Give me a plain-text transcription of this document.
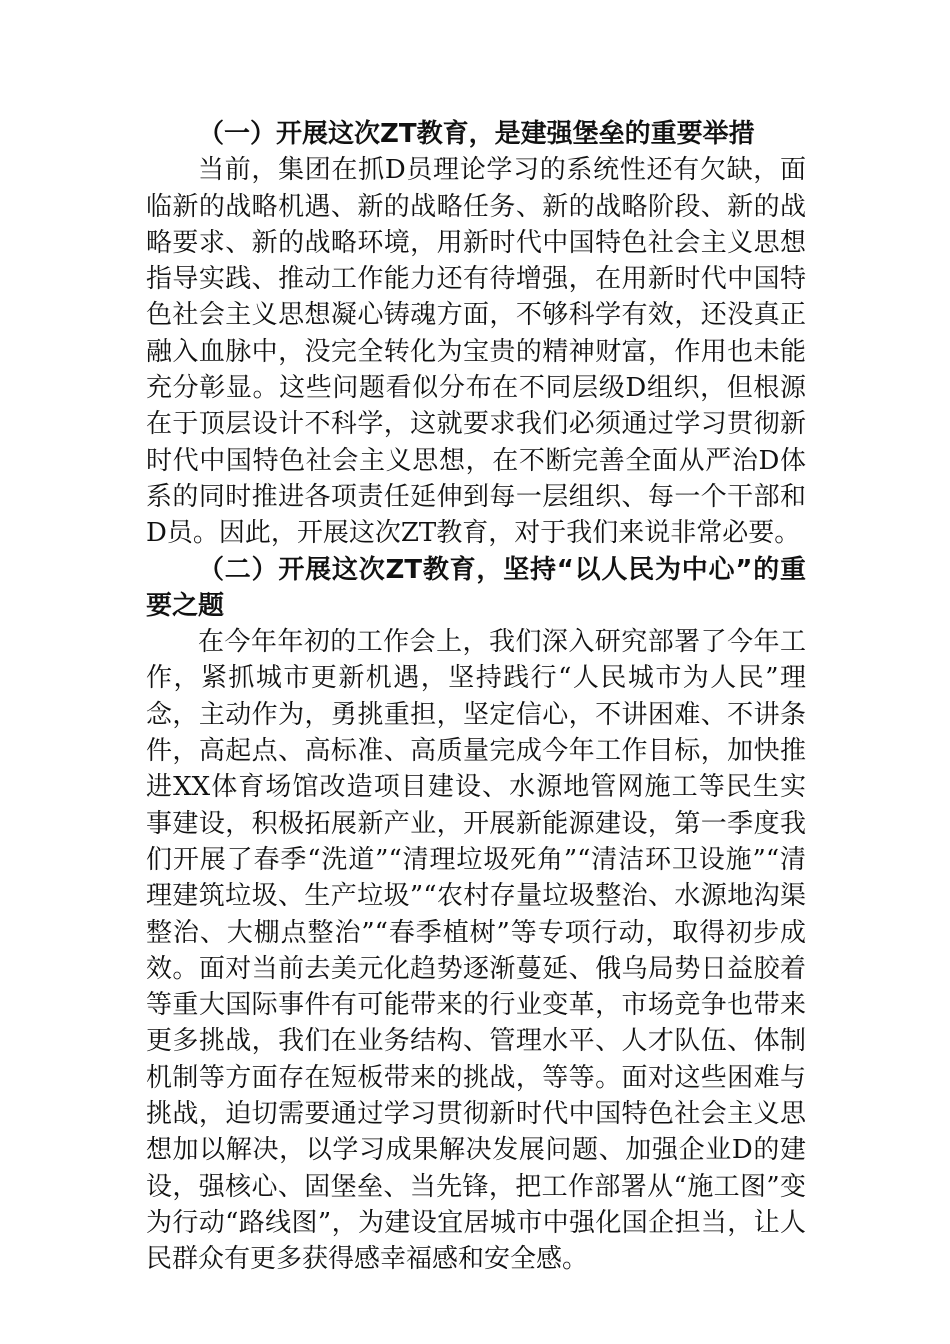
（一）开展这次ZT教育，是建强堡垒的重要举措

当前，集团在抓D员理论学习的系统性还有欠缺，面临新的战略机遇、新的战略任务、新的战略阶段、新的战略要求、新的战略环境，用新时代中国特色社会主义思想指导实践、推动工作能力还有待增强，在用新时代中国特色社会主义思想凝心铸魂方面，不够科学有效，还没真正融入血脉中，没完全转化为宝贵的精神财富，作用也未能充分彰显。这些问题看似分布在不同层级D组织，但根源在于顶层设计不科学，这就要求我们必须通过学习贯彻新时代中国特色社会主义思想，在不断完善全面从严治D体系的同时推进各项责任延伸到每一层组织、每一个干部和D员。因此，开展这次ZT教育，对于我们来说非常必要。

（二）开展这次ZT教育，坚持“以人民为中心”的重要之题

在今年年初的工作会上，我们深入研究部署了今年工作，紧抓城市更新机遇，坚持践行“人民城市为人民”理念，主动作为，勇挑重担，坚定信心，不讲困难、不讲条件，高起点、高标准、高质量完成今年工作目标，加快推进XX体育场馆改造项目建设、水源地管网施工等民生实事建设，积极拓展新产业，开展新能源建设，第一季度我们开展了春季“洗道”“清理垃圾死角”“清洁环卫设施”“清理建筑垃圾、生产垃圾”“农村存量垃圾整治、水源地沟渠整治、大棚点整治”“春季植树”等专项行动，取得初步成效。面对当前去美元化趋势逐渐蔓延、俄乌局势日益胶着等重大国际事件有可能带来的行业变革，市场竞争也带来更多挑战，我们在业务结构、管理水平、人才队伍、体制机制等方面存在短板带来的挑战，等等。面对这些困难与挑战，迫切需要通过学习贯彻新时代中国特色社会主义思想加以解决，以学习成果解决发展问题、加强企业D的建设，强核心、固堡垒、当先锋，把工作部署从“施工图”变为行动“路线图”，为建设宜居城市中强化国企担当，让人民群众有更多获得感幸福感和安全感。
